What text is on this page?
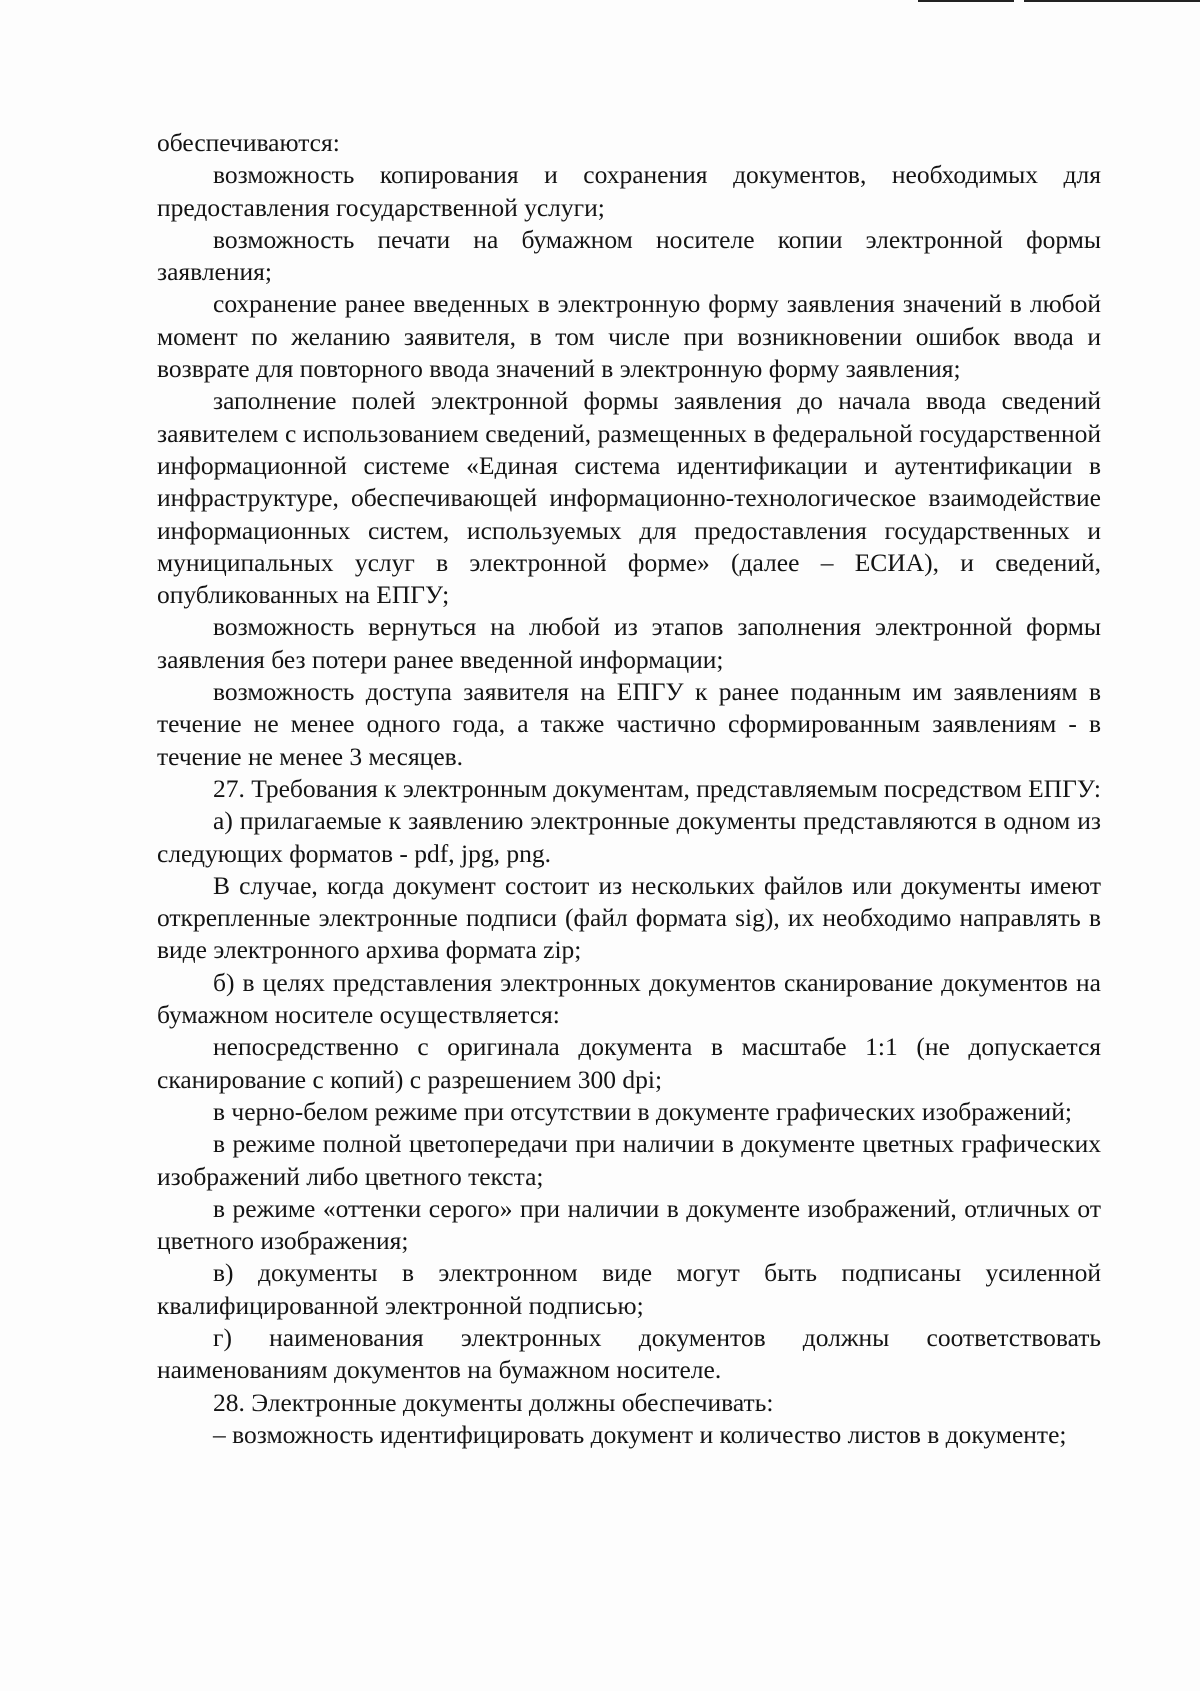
обеспечиваются:

возможность копирования и сохранения документов, необходимых для предоставления государственной услуги;

возможность печати на бумажном носителе копии электронной формы заявления;

сохранение ранее введенных в электронную форму заявления значений в любой момент по желанию заявителя, в том числе при возникновении ошибок ввода и возврате для повторного ввода значений в электронную форму заявления;

заполнение полей электронной формы заявления до начала ввода сведений заявителем с использованием сведений, размещенных в федеральной государственной информационной системе «Единая система идентификации и аутентификации в инфраструктуре, обеспечивающей информационно-технологическое взаимодействие информационных систем, используемых для предоставления государственных и муниципальных услуг в электронной форме» (далее – ЕСИА), и сведений, опубликованных на ЕПГУ;

возможность вернуться на любой из этапов заполнения электронной формы заявления без потери ранее введенной информации;

возможность доступа заявителя на ЕПГУ к ранее поданным им заявлениям в течение не менее одного года, а также частично сформированным заявлениям - в течение не менее 3 месяцев.

27. Требования к электронным документам, представляемым посредством ЕПГУ:

а) прилагаемые к заявлению электронные документы представляются в одном из следующих форматов - pdf, jpg, png.

В случае, когда документ состоит из нескольких файлов или документы имеют открепленные электронные подписи (файл формата sig), их необходимо направлять в виде электронного архива формата zip;

б) в целях представления электронных документов сканирование документов на бумажном носителе осуществляется:

непосредственно с оригинала документа в масштабе 1:1 (не допускается сканирование с копий) с разрешением 300 dpi;

в черно-белом режиме при отсутствии в документе графических изображений;

в режиме полной цветопередачи при наличии в документе цветных графических изображений либо цветного текста;

в режиме «оттенки серого» при наличии в документе изображений, отличных от цветного изображения;

в) документы в электронном виде могут быть подписаны усиленной квалифицированной электронной подписью;

г) наименования электронных документов должны соответствовать наименованиям документов на бумажном носителе.

28. Электронные документы должны обеспечивать:

– возможность идентифицировать документ и количество листов в документе;
